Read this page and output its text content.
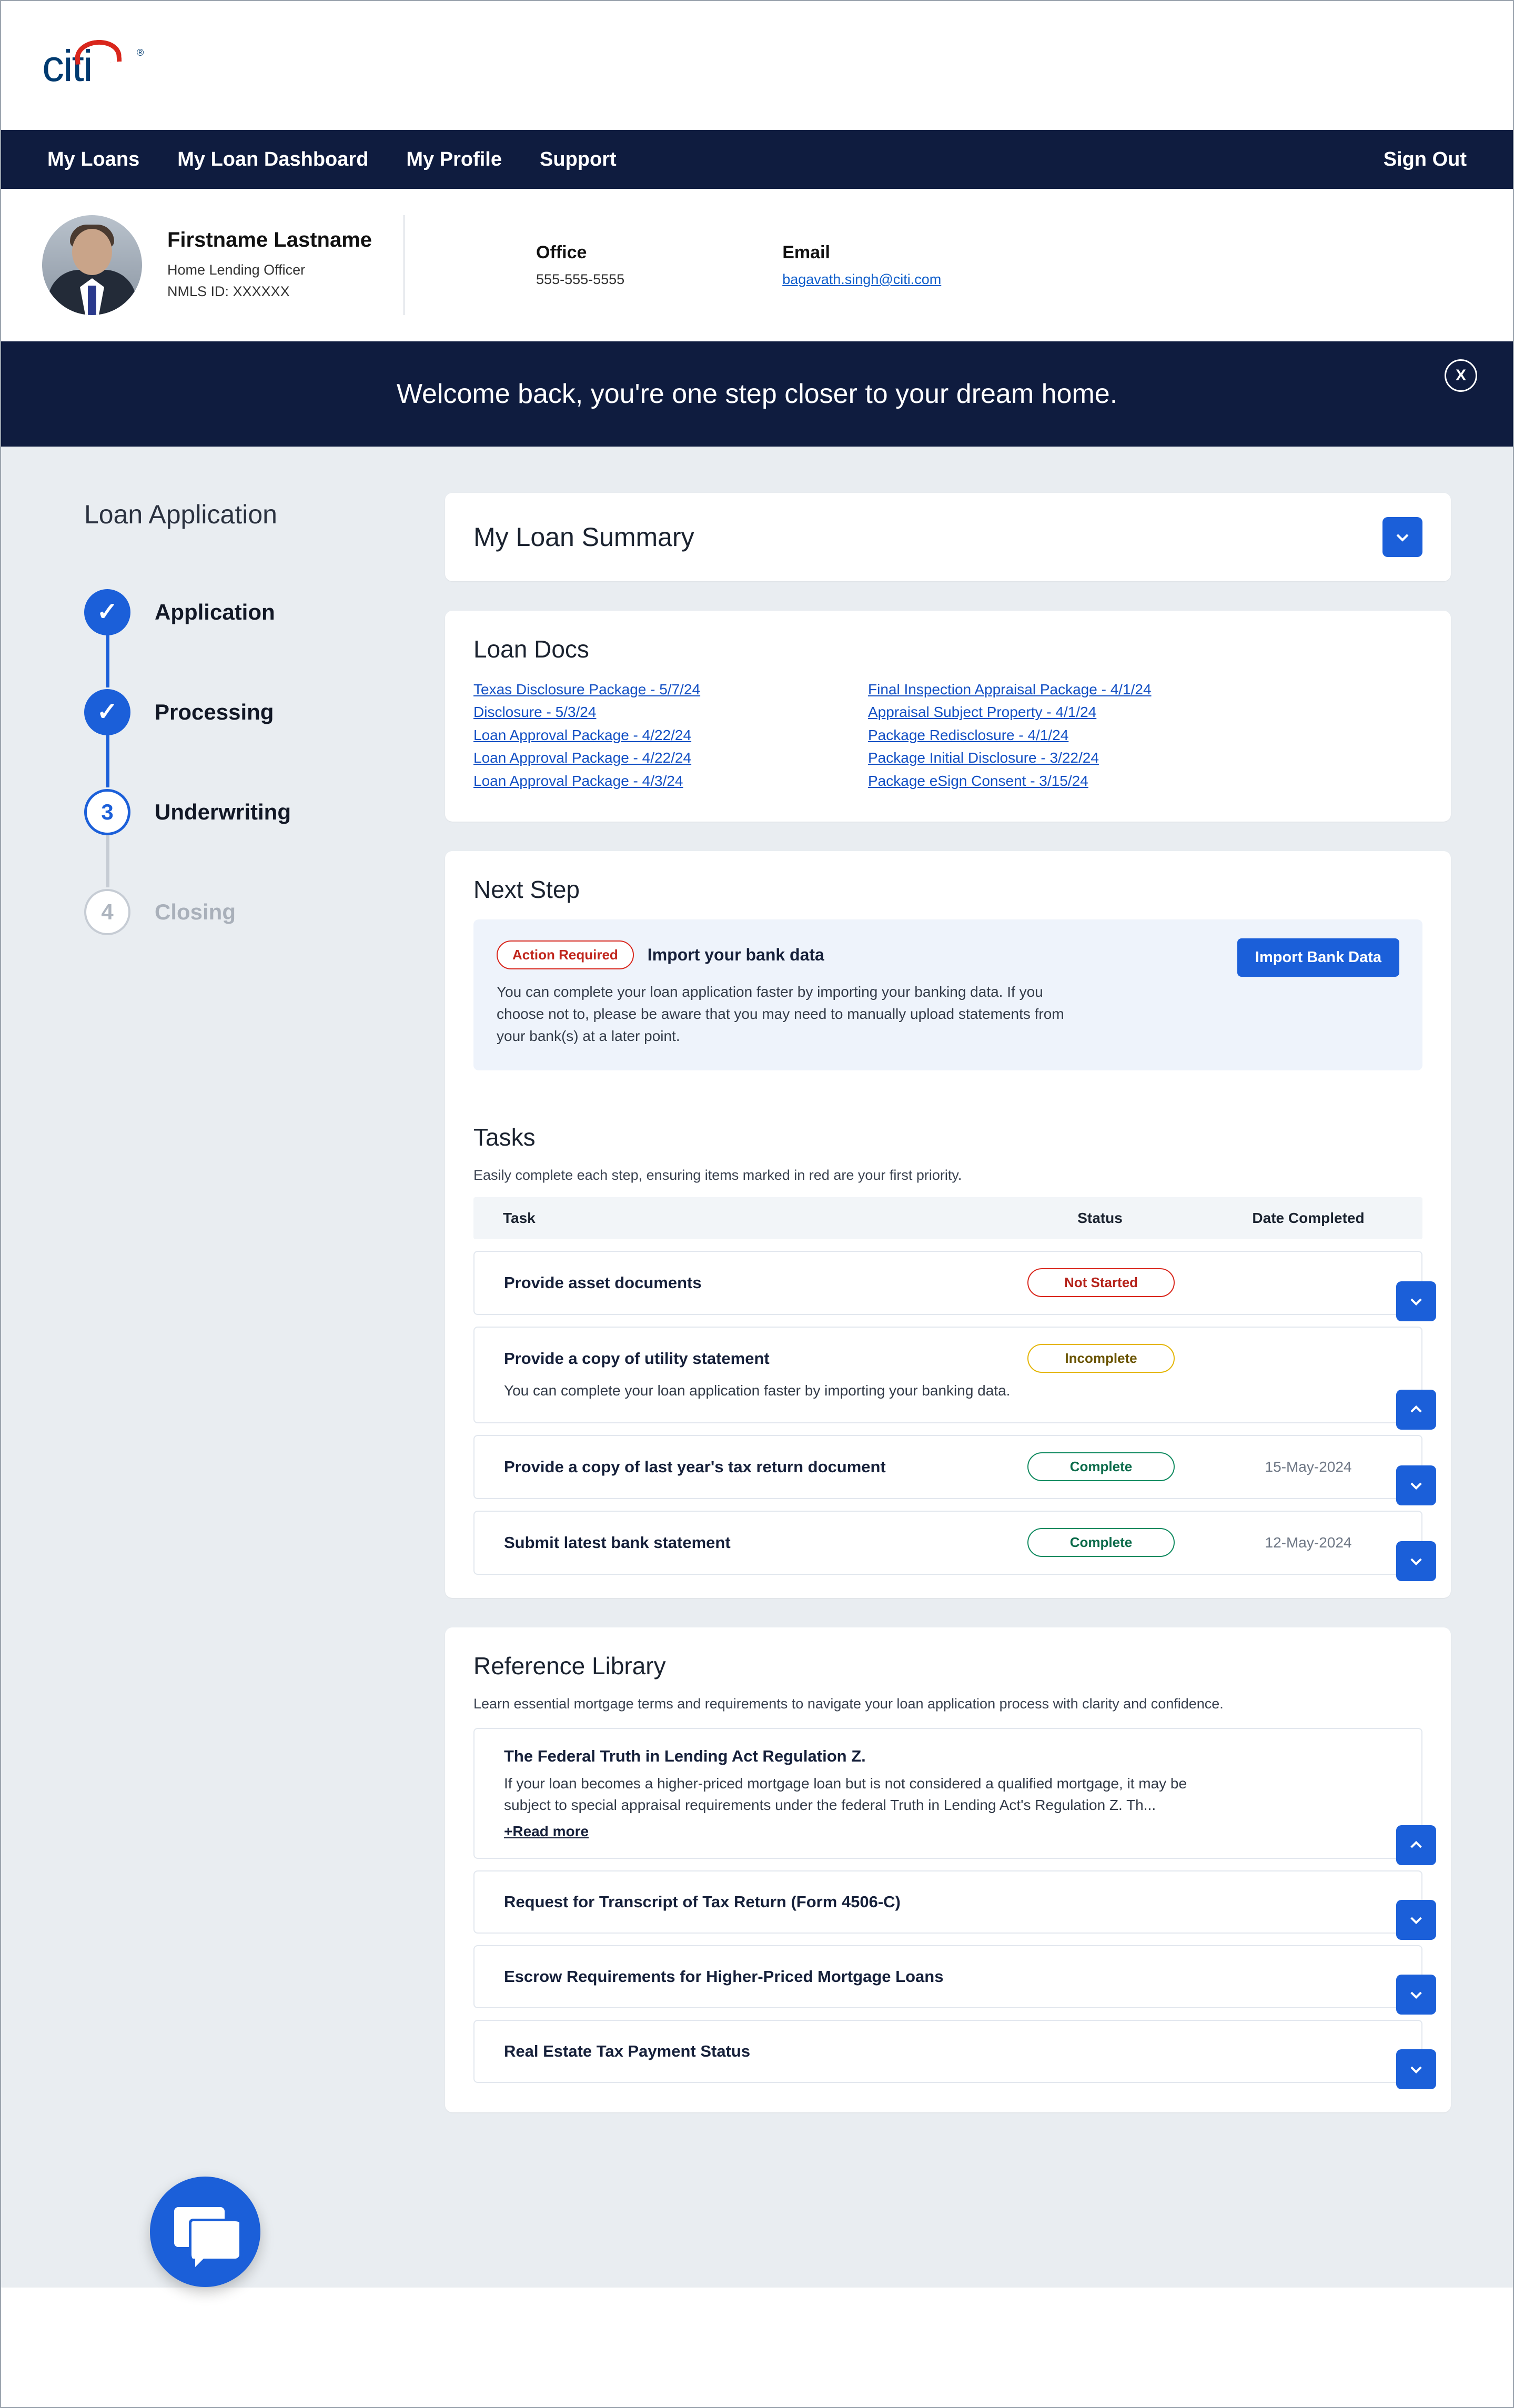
citi	®
My Loans	My Loan Dashboard	My Profile	Support	Sign Out
Firstname Lastname
Home Lending Officer
NMLS ID: XXXXXX
Office
555-555-5555
Email
bagavath.singh@citi.com
Welcome back, you're one step closer to your dream home.
X
Loan Application
✓ Application
✓ Processing
3	Underwriting
4	Closing
My Loan Summary
Loan Docs
Texas Disclosure Package - 5/7/24
Disclosure - 5/3/24
Loan Approval Package - 4/22/24
Loan Approval Package - 4/22/24
Loan Approval Package - 4/3/24
Final Inspection Appraisal Package - 4/1/24
Appraisal Subject Property - 4/1/24
Package Redisclosure - 4/1/24
Package Initial Disclosure - 3/22/24
Package eSign Consent - 3/15/24
Next Step
Action Required	Import your bank data
You can complete your loan application faster by importing your banking data. If you choose not to, please be aware that you may need to manually upload statements from your bank(s) at a later point.
Import Bank Data
Tasks
Easily complete each step, ensuring items marked in red are your first priority.
Task	Status	Date Completed
Provide asset documents	Not Started
Provide a copy of utility statement	Incomplete
You can complete your loan application faster by importing your banking data.
Provide a copy of last year's tax return document	Complete	15-May-2024
Submit latest bank statement	Complete	12-May-2024
Reference Library
Learn essential mortgage terms and requirements to navigate your loan application process with clarity and confidence.
The Federal Truth in Lending Act Regulation Z.
If your loan becomes a higher-priced mortgage loan but is not considered a qualified mortgage, it may be subject to special appraisal requirements under the federal Truth in Lending Act's Regulation Z. Th...
+Read more
Request for Transcript of Tax Return (Form 4506-C)
Escrow Requirements for Higher-Priced Mortgage Loans
Real Estate Tax Payment Status
